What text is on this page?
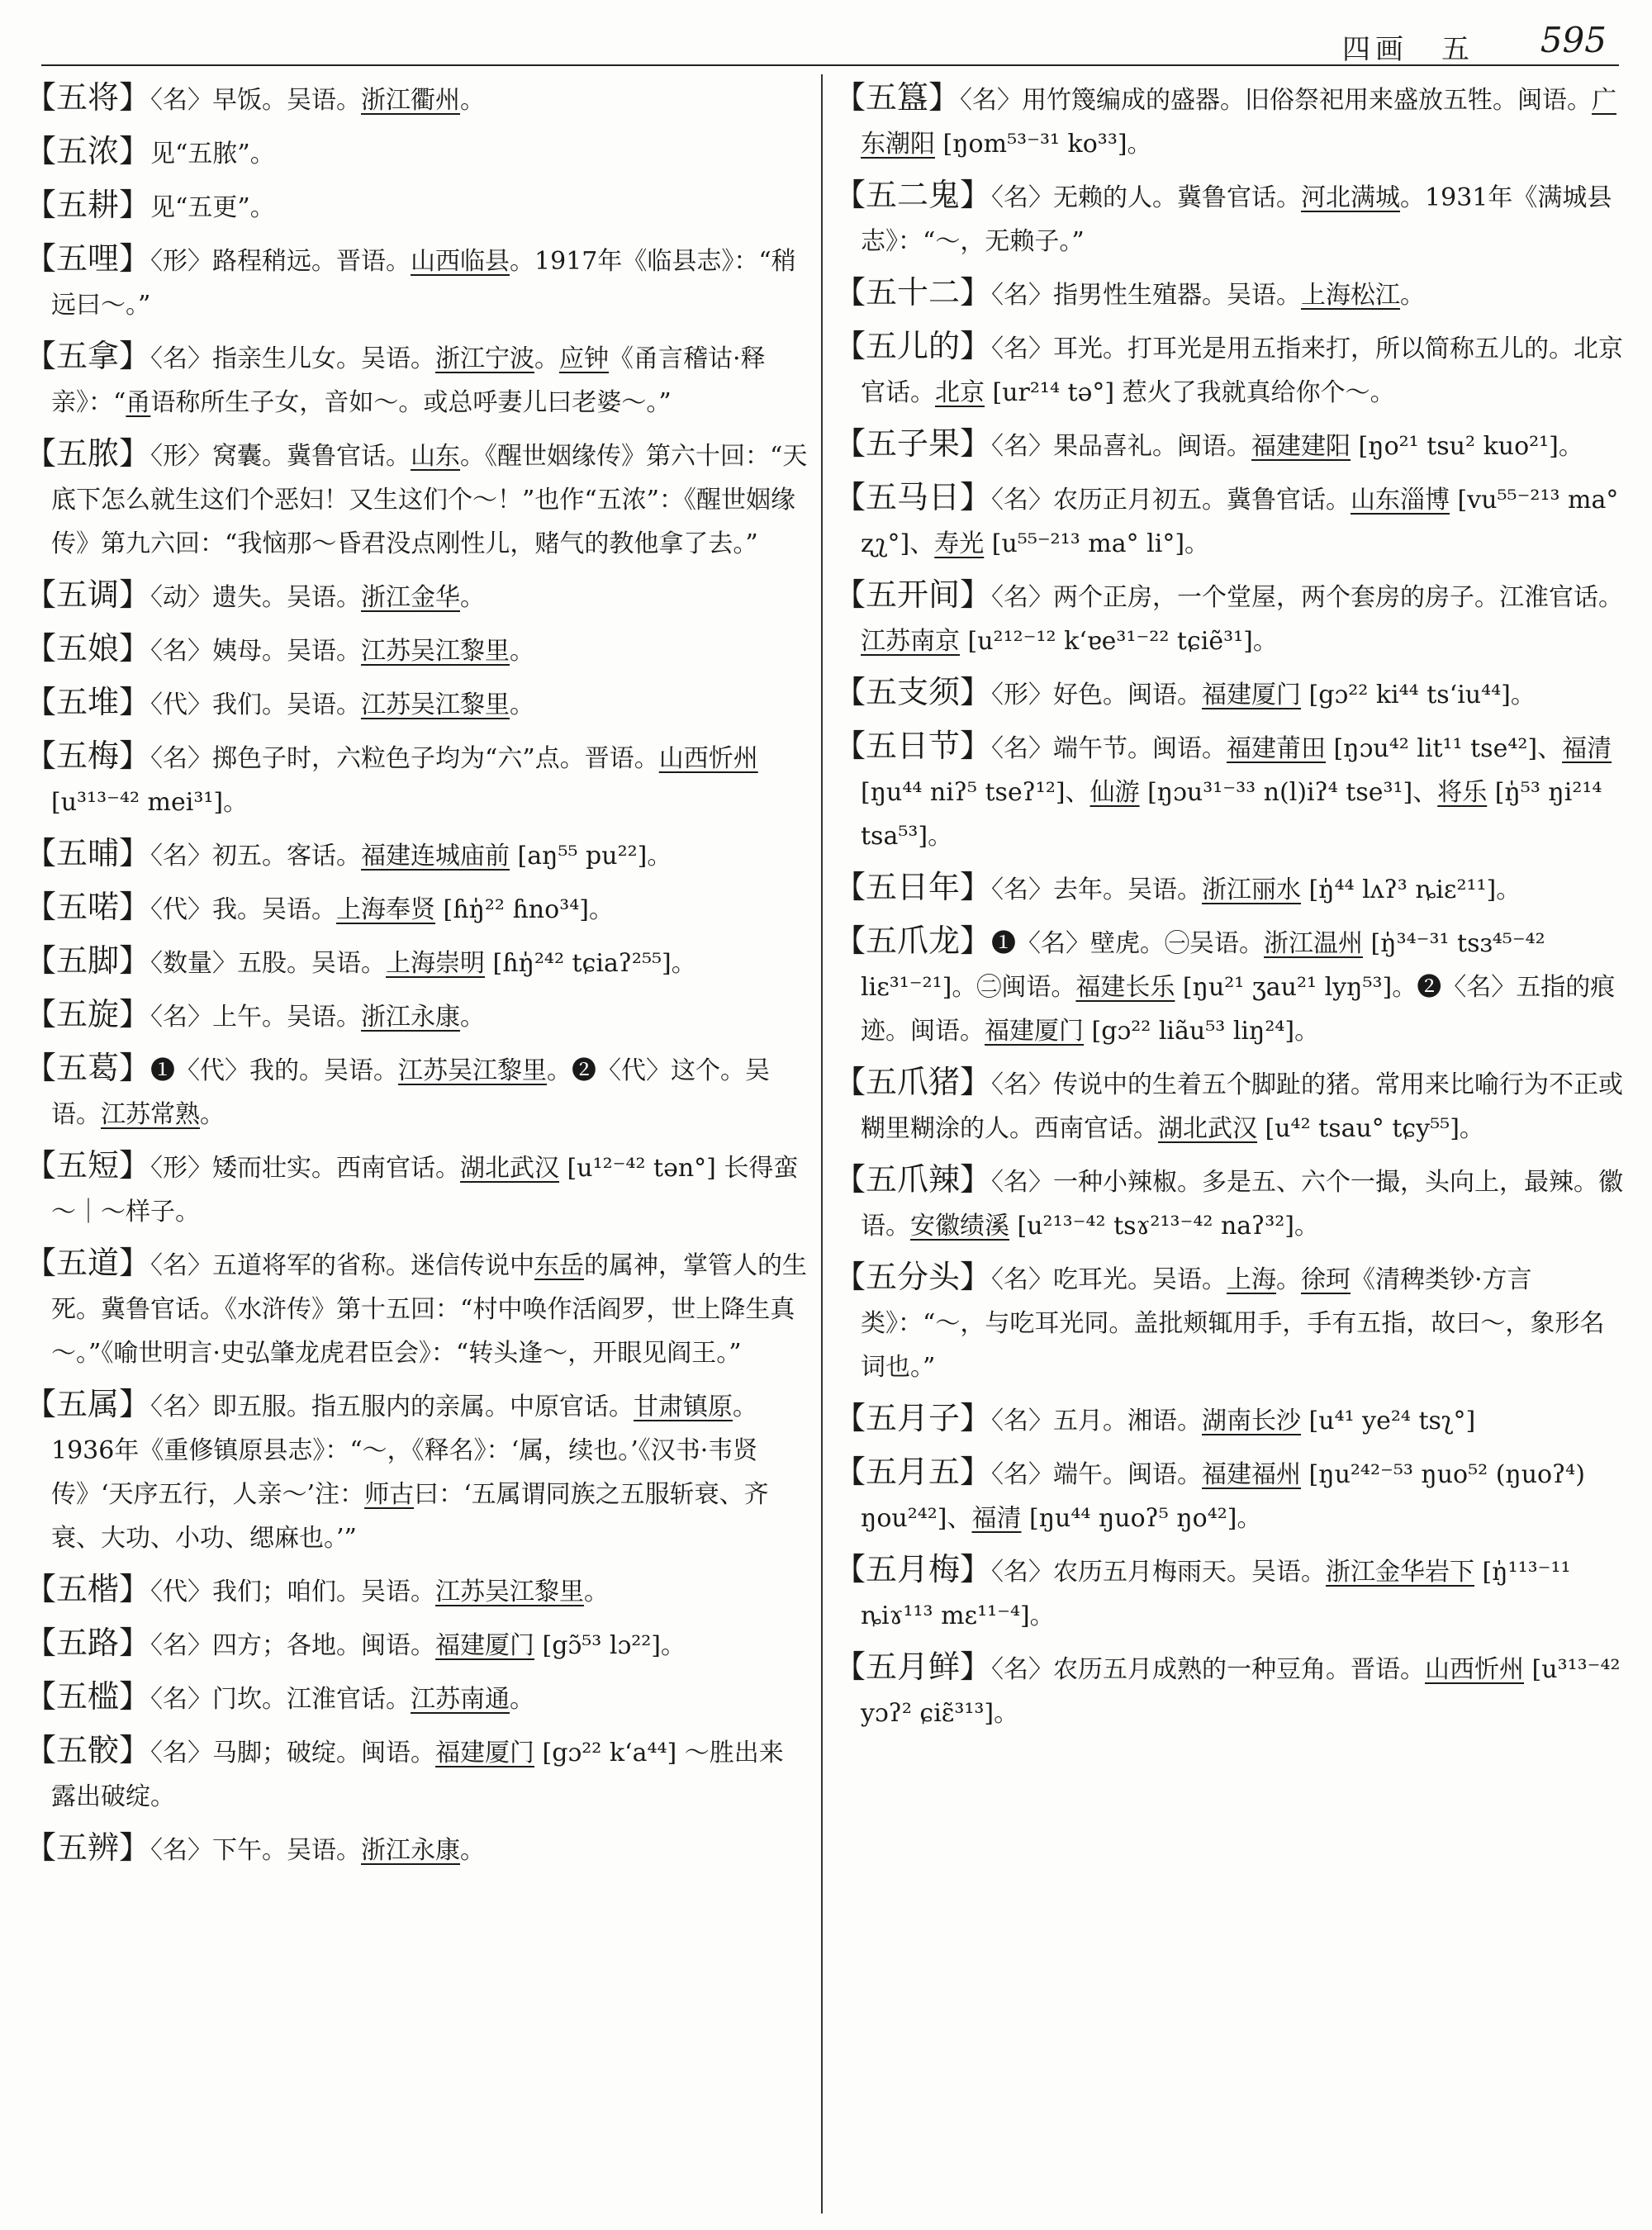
四画　五 595
【五将】〈名〉早饭。吴语。浙江衢州。
【五浓】见“五脓”。
【五耕】见“五更”。
【五哩】〈形〉路程稍远。晋语。山西临县。1917年《临县志》：“稍远曰～。”
【五拿】〈名〉指亲生儿女。吴语。浙江宁波。应钟《甬言稽诂·释亲》：“甬语称所生子女，音如～。或总呼妻儿曰老婆～。”
【五脓】〈形〉窝囊。冀鲁官话。山东。《醒世姻缘传》第六十回：“天底下怎么就生这们个恶妇！又生这们个～！”也作“五浓”：《醒世姻缘传》第九六回：“我恼那～昏君没点刚性儿，赌气的教他拿了去。”
【五调】〈动〉遗失。吴语。浙江金华。
【五娘】〈名〉姨母。吴语。江苏吴江黎里。
【五堆】〈代〉我们。吴语。江苏吴江黎里。
【五梅】〈名〉掷色子时，六粒色子均为“六”点。晋语。山西忻州 [u³¹³⁻⁴² mei³¹]。
【五晡】〈名〉初五。客话。福建连城庙前 [aŋ⁵⁵ pu²²]。
【五喏】〈代〉我。吴语。上海奉贤 [ɦŋ̍²² ɦno³⁴]。
【五脚】〈数量〉五股。吴语。上海崇明 [ɦŋ̍²⁴² tɕiaʔ²⁵⁵]。
【五旋】〈名〉上午。吴语。浙江永康。
【五葛】❶〈代〉我的。吴语。江苏吴江黎里。❷〈代〉这个。吴语。江苏常熟。
【五短】〈形〉矮而壮实。西南官话。湖北武汉 [u¹²⁻⁴² tən°] 长得蛮～｜～样子。
【五道】〈名〉五道将军的省称。迷信传说中东岳的属神，掌管人的生死。冀鲁官话。《水浒传》第十五回：“村中唤作活阎罗，世上降生真～。”《喻世明言·史弘肇龙虎君臣会》：“转头逢～，开眼见阎王。”
【五属】〈名〉即五服。指五服内的亲属。中原官话。甘肃镇原。1936年《重修镇原县志》：“～，《释名》：‘属，续也。’《汉书·韦贤传》‘天序五行，人亲～’注：师古曰：‘五属谓同族之五服斩衰、齐衰、大功、小功、缌麻也。’”
【五楷】〈代〉我们；咱们。吴语。江苏吴江黎里。
【五路】〈名〉四方；各地。闽语。福建厦门 [gɔ̃⁵³ lɔ²²]。
【五槛】〈名〉门坎。江淮官话。江苏南通。
【五骹】〈名〉马脚；破绽。闽语。福建厦门 [gɔ²² kʻa⁴⁴] ～胜出来露出破绽。
【五辨】〈名〉下午。吴语。浙江永康。
【五簋】〈名〉用竹篾编成的盛器。旧俗祭祀用来盛放五牲。闽语。广东潮阳 [ŋom⁵³⁻³¹ ko³³]。
【五二鬼】〈名〉无赖的人。冀鲁官话。河北满城。1931年《满城县志》：“～，无赖子。”
【五十二】〈名〉指男性生殖器。吴语。上海松江。
【五儿的】〈名〉耳光。打耳光是用五指来打，所以简称五儿的。北京官话。北京 [ur²¹⁴ tə°] 惹火了我就真给你个～。
【五子果】〈名〉果品喜礼。闽语。福建建阳 [ŋo²¹ tsu² kuo²¹]。
【五马日】〈名〉农历正月初五。冀鲁官话。山东淄博 [vu⁵⁵⁻²¹³ ma° ʐʅ°]、寿光 [u⁵⁵⁻²¹³ ma° li°]。
【五开间】〈名〉两个正房，一个堂屋，两个套房的房子。江淮官话。江苏南京 [u²¹²⁻¹² kʻɐe³¹⁻²² tɕiẽ³¹]。
【五支须】〈形〉好色。闽语。福建厦门 [gɔ²² ki⁴⁴ tsʻiu⁴⁴]。
【五日节】〈名〉端午节。闽语。福建莆田 [ŋɔu⁴² lit¹¹ tse⁴²]、福清 [ŋu⁴⁴ niʔ⁵ tseʔ¹²]、仙游 [ŋɔu³¹⁻³³ n(l)iʔ⁴ tse³¹]、将乐 [ŋ̍⁵³ ŋi²¹⁴ tsa⁵³]。
【五日年】〈名〉去年。吴语。浙江丽水 [ŋ̍⁴⁴ lʌʔ³ ȵiɛ²¹¹]。
【五爪龙】❶〈名〉壁虎。㊀吴语。浙江温州 [ŋ̍³⁴⁻³¹ tsɜ⁴⁵⁻⁴² liɛ³¹⁻²¹]。㊁闽语。福建长乐 [ŋu²¹ ʒau²¹ lyŋ⁵³]。❷〈名〉五指的痕迹。闽语。福建厦门 [gɔ²² liãu⁵³ liŋ²⁴]。
【五爪猪】〈名〉传说中的生着五个脚趾的猪。常用来比喻行为不正或糊里糊涂的人。西南官话。湖北武汉 [u⁴² tsau° tɕy⁵⁵]。
【五爪辣】〈名〉一种小辣椒。多是五、六个一撮，头向上，最辣。徽语。安徽绩溪 [u²¹³⁻⁴² tsɤ²¹³⁻⁴² naʔ³²]。
【五分头】〈名〉吃耳光。吴语。上海。徐珂《清稗类钞·方言类》：“～，与吃耳光同。盖批颊辄用手，手有五指，故曰～，象形名词也。”
【五月子】〈名〉五月。湘语。湖南长沙 [u⁴¹ ye²⁴ tsʅ°]
【五月五】〈名〉端午。闽语。福建福州 [ŋu²⁴²⁻⁵³ ŋuo⁵² (ŋuoʔ⁴) ŋou²⁴²]、福清 [ŋu⁴⁴ ŋuoʔ⁵ ŋo⁴²]。
【五月梅】〈名〉农历五月梅雨天。吴语。浙江金华岩下 [ŋ̍¹¹³⁻¹¹ ȵiɤ¹¹³ mɛ¹¹⁻⁴]。
【五月鲜】〈名〉农历五月成熟的一种豆角。晋语。山西忻州 [u³¹³⁻⁴² yɔʔ² ɕiɛ̃³¹³]。
